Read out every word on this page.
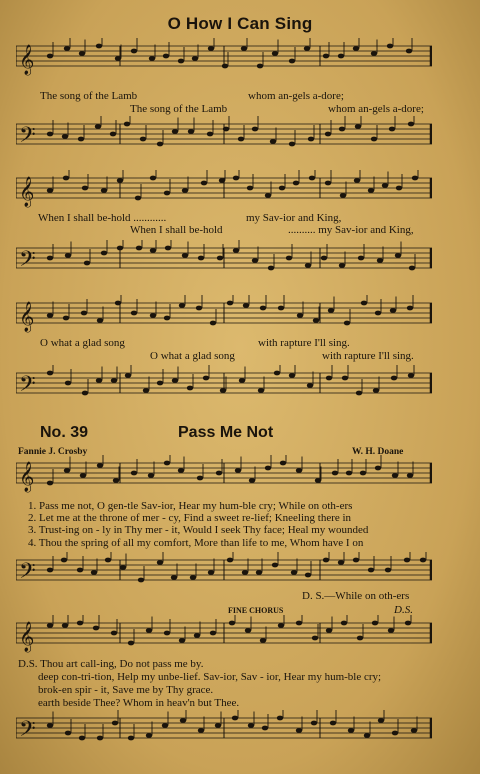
O How I Can Sing
𝄞
The song of the Lamb	whom an-gels a-dore;
The song of the Lamb	whom an-gels a-dore;
𝄢
𝄞
When I shall be-hold ............	my Sav-ior and King,
When I shall be-hold	.......... my Sav-ior and King,
𝄢
𝄞
O what a glad song	with rapture I'll sing.
O what a glad song	with rapture I'll sing.
𝄢
No. 39	Pass Me Not
Fannie J. Crosby	W. H. Doane
𝄞
1. Pass me not, O gen-tle Sav-ior, Hear my hum-ble cry; While on oth-ers
2. Let me at the throne of mer - cy, Find a sweet re-lief; Kneeling there in
3. Trust-ing on - ly in Thy mer - it, Would I seek Thy face; Heal my wounded
4. Thou the spring of all my comfort, More than life to me, Whom have I on
𝄢
D. S.—While on oth-ers
FINE CHORUS	D.S.
𝄞
D.S. Thou art call-ing, Do not pass me by.
deep con-tri-tion, Help my unbe-lief. Sav-ior, Sav - ior, Hear my hum-ble cry;
brok-en spir - it, Save me by Thy grace.
earth beside Thee? Whom in heav'n but Thee.
𝄢
